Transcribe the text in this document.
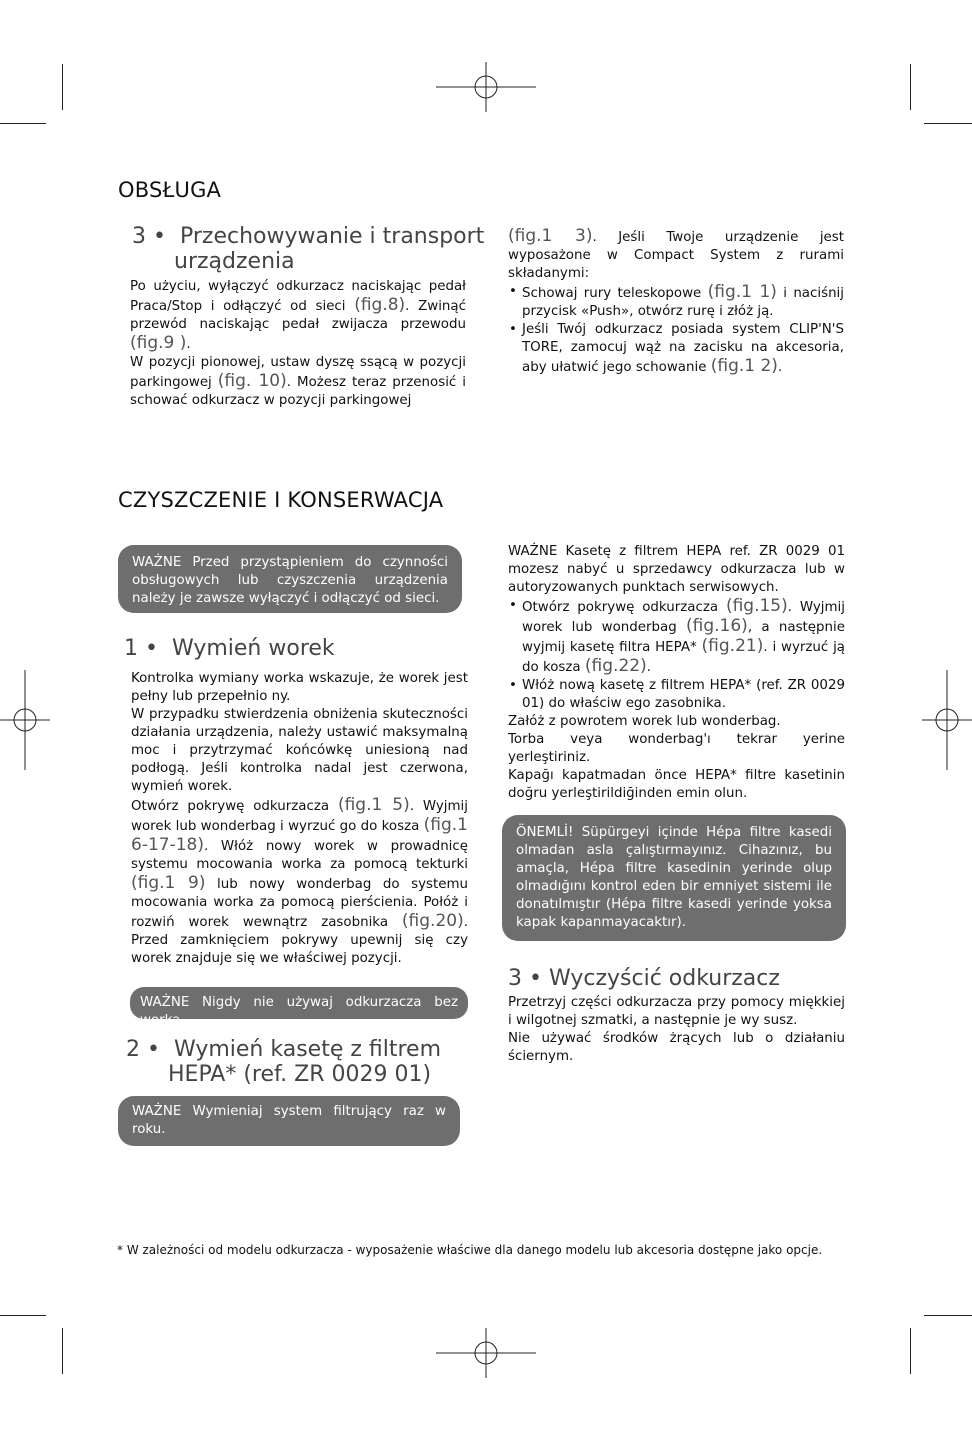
OBSŁUGA
3 • Przechowywanie i transport
urządzenia

Po użyciu, wyłączyć odkurzacz naciskając pedał Praca/Stop i odłączyć od sieci (fig.8). Zwinąć przewód naciskając pedał zwijacza przewodu (fig.9 ).
W pozycji pionowej, ustaw dyszę ssącą w pozycji parkingowej (fig. 10). Możesz teraz przenosić i schować odkurzacz w pozycji parkingowej

(fig.1 3). Jeśli Twoje urządzenie jest wyposażone w Compact System z rurami składanymi:

• Schowaj rury teleskopowe (fig.1 1) i naciśnij przycisk «Push», otwórz rurę i złóż ją.
• Jeśli Twój odkurzacz posiada system CLIP'N'S TORE, zamocuj wąż na zacisku na akcesoria, aby ułatwić jego schowanie (fig.1 2).
CZYSZCZENIE I KONSERWACJA
WAŻNE Przed przystąpieniem do czynności obsługowych lub czyszczenia urządzenia należy je zawsze wyłączyć i odłączyć od sieci.
1 • Wymień worek

Kontrolka wymiany worka wskazuje, że worek jest pełny lub przepełnio ny.

W przypadku stwierdzenia obniżenia skuteczności działania urządzenia, należy ustawić maksymalną moc i przytrzymać końcówkę uniesioną nad podłogą. Jeśli kontrolka nadal jest czerwona, wymień worek.

Otwórz pokrywę odkurzacza (fig.1 5). Wyjmij worek lub wonderbag i wyrzuć go do kosza (fig.1 6-17-18). Włóż nowy worek w prowadnicę systemu mocowania worka za pomocą tekturki (fig.1 9) lub nowy wonderbag do systemu mocowania worka za pomocą pierścienia. Połóż i rozwiń worek wewnątrz zasobnika (fig.20). Przed zamknięciem pokrywy upewnij się czy worek znajduje się we właściwej pozycji.

WAŻNE Nigdy nie używaj odkurzacza bez worka.
2 • Wymień kasetę z filtrem
HEPA* (ref. ZR 0029 01)
WAŻNE Wymieniaj system filtrujący raz w roku.

WAŻNE Kasetę z filtrem HEPA ref. ZR 0029 01 mozesz nabyć u sprzedawcy odkurzacza lub w autoryzowanych punktach serwisowych.

• Otwórz pokrywę odkurzacza (fig.15). Wyjmij worek lub wonderbag (fig.16), a następnie wyjmij kasetę filtra HEPA* (fig.21). i wyrzuć ją do kosza (fig.22).
• Włóż nową kasetę z filtrem HEPA* (ref. ZR 0029 01) do właściw ego zasobnika.

Załóż z powrotem worek lub wonderbag.

Torba veya wonderbag'ı tekrar yerine yerleştiriniz.

Kapağı kapatmadan önce HEPA* filtre kasetinin doğru yerleştirildiğinden emin olun.

ÖNEMLİ! Süpürgeyi içinde Hépa filtre kasedi olmadan asla çalıştırmayınız. Cihazınız, bu amaçla, Hépa filtre kasedinin yerinde olup olmadığını kontrol eden bir emniyet sistemi ile donatılmıştır (Hépa filtre kasedi yerinde yoksa kapak kapanmayacaktır).
3 • Wyczyścić odkurzacz

Przetrzyj części odkurzacza przy pomocy miękkiej i wilgotnej szmatki, a następnie je wy susz.

Nie używać środków żrących lub o działaniu ściernym.

* W zależności od modelu odkurzacza - wyposażenie właściwe dla danego modelu lub akcesoria dostępne jako opcje.
